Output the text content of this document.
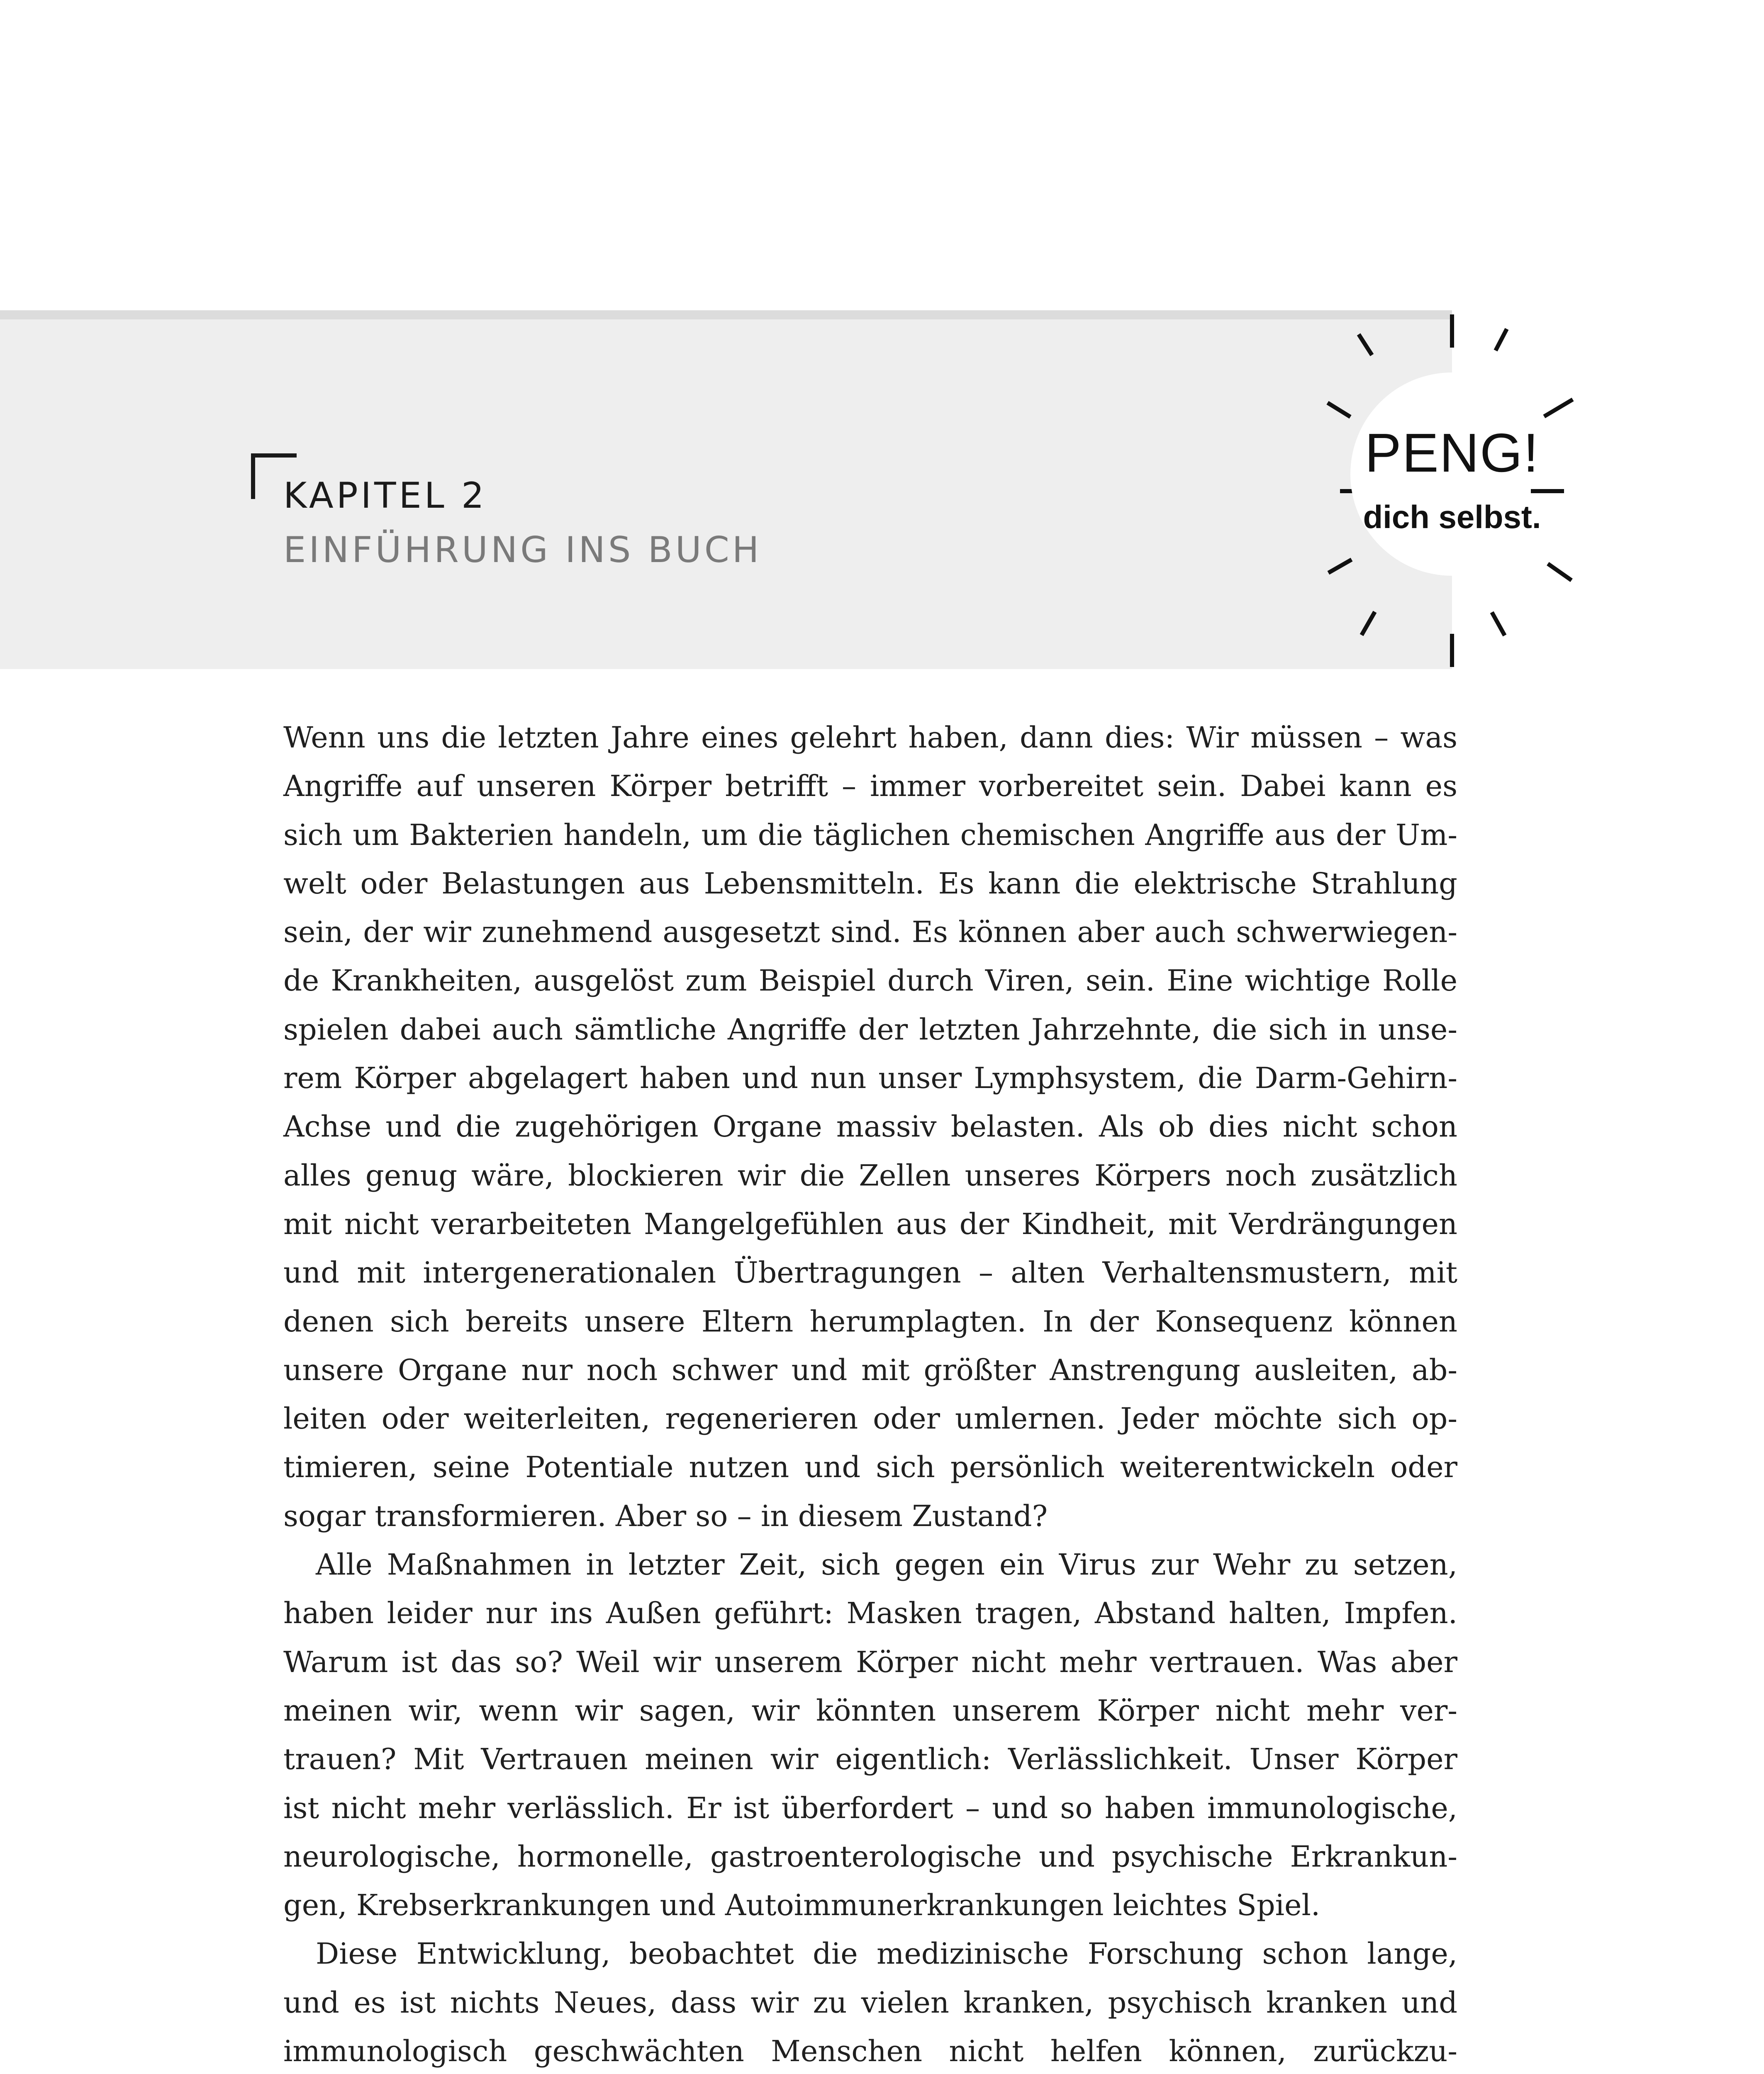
KAPITEL 2
EINFÜHRUNG INS BUCH
PENG!
dich selbst.
Wenn uns die letzten Jahre eines gelehrt haben, dann dies: Wir müssen – was
Angriffe auf unseren Körper betrifft – immer vorbereitet sein. Dabei kann es
sich um Bakterien handeln, um die täglichen chemischen Angriffe aus der Um-
welt oder Belastungen aus Lebensmitteln. Es kann die elektrische Strahlung
sein, der wir zunehmend ausgesetzt sind. Es können aber auch schwerwiegen-
de Krankheiten, ausgelöst zum Beispiel durch Viren, sein. Eine wichtige Rolle
spielen dabei auch sämtliche Angriffe der letzten Jahrzehnte, die sich in unse-
rem Körper abgelagert haben und nun unser Lymphsystem, die Darm-Gehirn-
Achse und die zugehörigen Organe massiv belasten. Als ob dies nicht schon
alles genug wäre, blockieren wir die Zellen unseres Körpers noch zusätzlich
mit nicht verarbeiteten Mangelgefühlen aus der Kindheit, mit Verdrängungen
und mit intergenerationalen Übertragungen – alten Verhaltensmustern, mit
denen sich bereits unsere Eltern herumplagten. In der Konsequenz können
unsere Organe nur noch schwer und mit größter Anstrengung ausleiten, ab-
leiten oder weiterleiten, regenerieren oder umlernen. Jeder möchte sich op-
timieren, seine Potentiale nutzen und sich persönlich weiterentwickeln oder
sogar transformieren. Aber so – in diesem Zustand?
Alle Maßnahmen in letzter Zeit, sich gegen ein Virus zur Wehr zu setzen,
haben leider nur ins Außen geführt: Masken tragen, Abstand halten, Impfen.
Warum ist das so? Weil wir unserem Körper nicht mehr vertrauen. Was aber
meinen wir, wenn wir sagen, wir könnten unserem Körper nicht mehr ver-
trauen? Mit Vertrauen meinen wir eigentlich: Verlässlichkeit. Unser Körper
ist nicht mehr verlässlich. Er ist überfordert – und so haben immunologische,
neurologische, hormonelle, gastroenterologische und psychische Erkrankun-
gen, Krebserkrankungen und Autoimmunerkrankungen leichtes Spiel.
Diese Entwicklung, beobachtet die medizinische Forschung schon lange,
und es ist nichts Neues, dass wir zu vielen kranken, psychisch kranken und
immunologisch geschwächten Menschen nicht helfen können, zurückzu-
